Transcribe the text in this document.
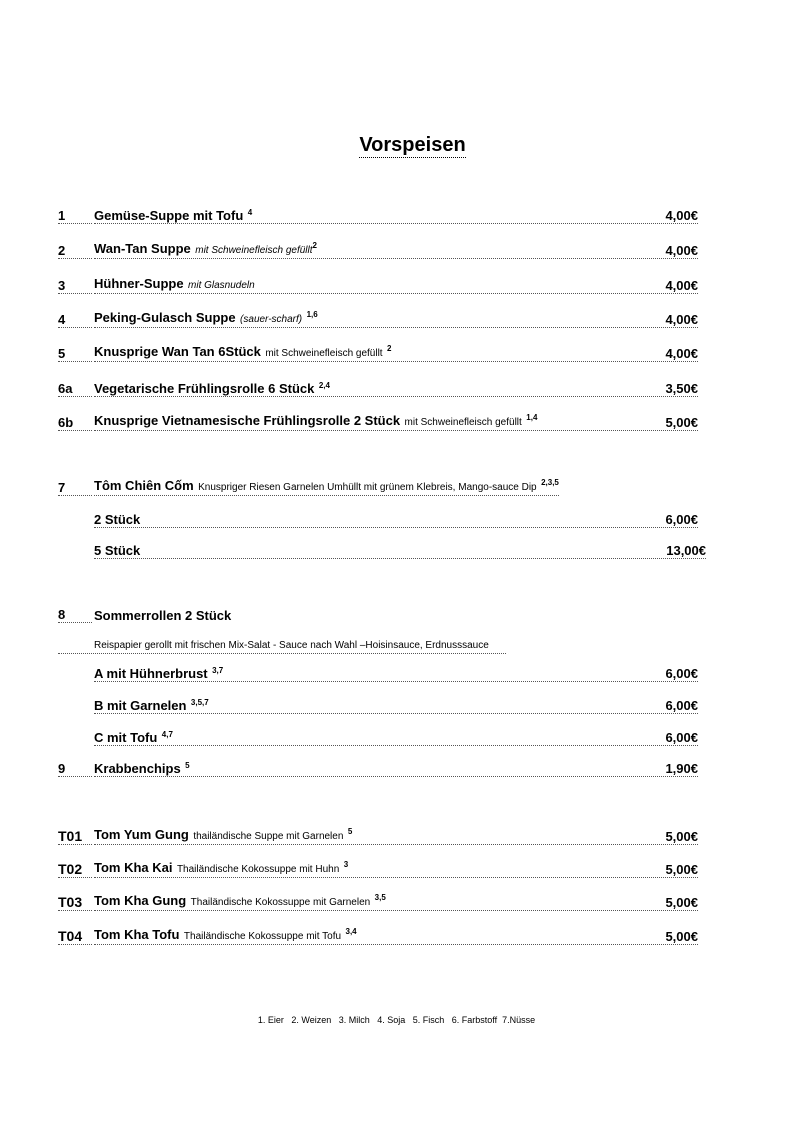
Vorspeisen
1	Gemüse-Suppe mit Tofu $^4$	4,00€
2	Wan-Tan Suppe mit Schweinefleisch gefüllt$^2$	4,00€
3	Hühner-Suppe mit Glasnudeln	4,00€
4	Peking-Gulasch Suppe (sauer-scharf) $^{1,6}$	4,00€
5	Knusprige Wan Tan 6Stück mit Schweinefleisch gefüllt $^2$	4,00€
6a	Vegetarische Frühlingsrolle 6 Stück $^{2,4}$	3,50€
6b	Knusprige Vietnamesische Frühlingsrolle 2 Stück mit Schweinefleisch gefüllt $^{1,4}$	5,00€
7	Tôm Chiên Cốm Knuspriger Riesen Garnelen Umhüllt mit grünem Klebreis, Mango-sauce Dip $^{2,3,5}$
2 Stück	6,00€
5 Stück	13,00€
8	Sommerrollen 2 Stück
Reispapier gerollt mit frischen Mix-Salat - Sauce nach Wahl –Hoisinsauce, Erdnusssauce
A mit Hühnerbrust $^{3,7}$	6,00€
B mit Garnelen $^{3,5,7}$	6,00€
C mit Tofu $^{4,7}$	6,00€
9	Krabbenchips $^5$	1,90€
T01 Tom Yum Gung thailändische Suppe mit Garnelen $^5$	5,00€
T02 Tom Kha Kai Thailändische Kokossuppe mit Huhn $^3$	5,00€
T03 Tom Kha Gung Thailändische Kokossuppe mit Garnelen $^{3,5}$	5,00€
T04 Tom Kha Tofu Thailändische Kokossuppe mit Tofu $^{3,4}$	5,00€
1. Eier   2. Weizen   3. Milch   4. Soja   5. Fisch   6. Farbstoff  7.Nüsse
